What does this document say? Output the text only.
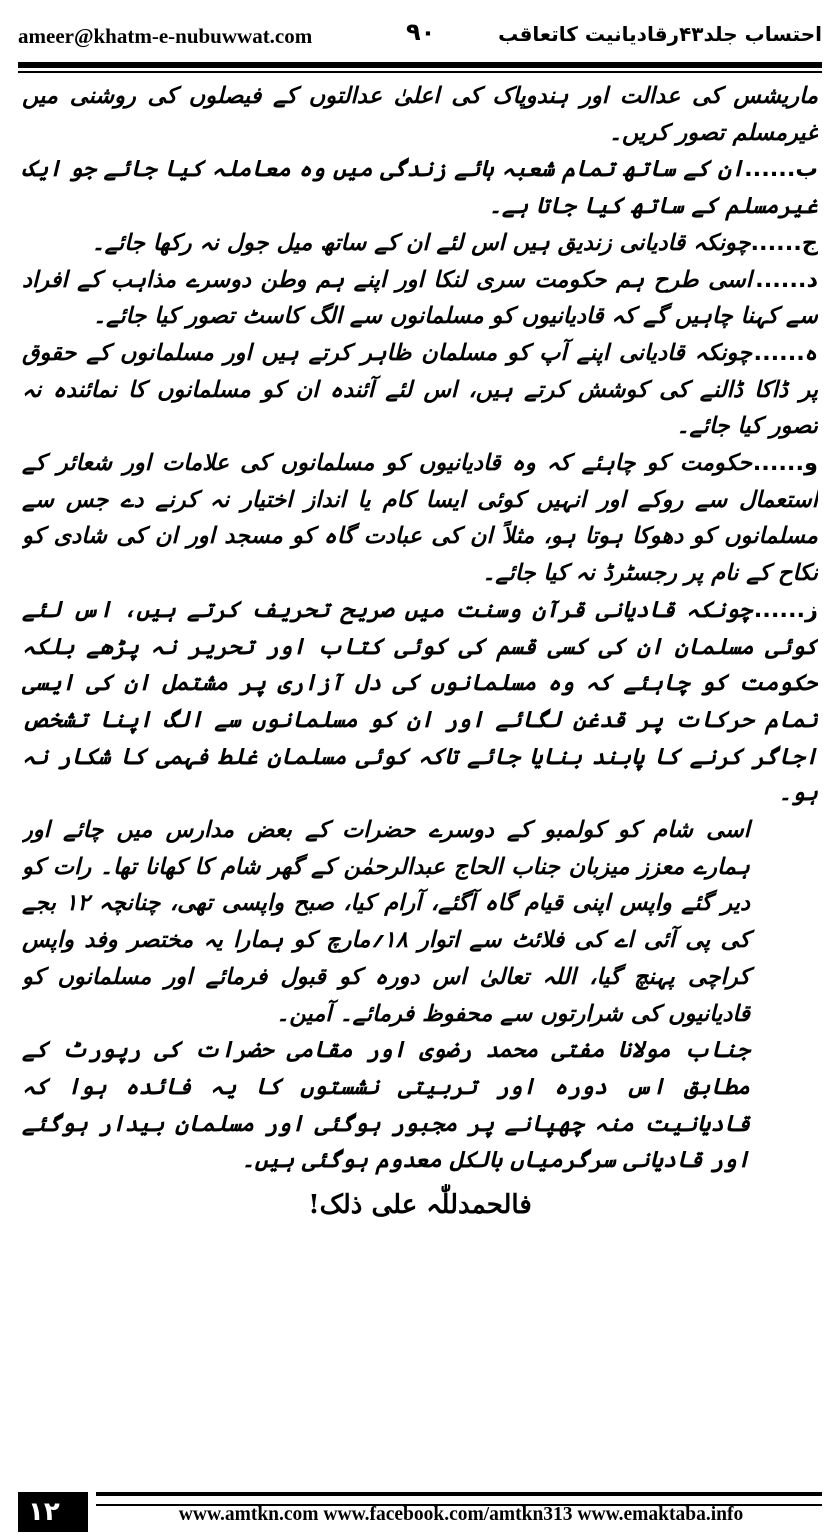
ameer@khatm-e-nubuwwat.com	۹۰	احتساب جلد۴۳رقادیانیت کاتعاقب

ماریشس کی عدالت اور ہندوپاک کی اعلیٰ عدالتوں کے فیصلوں کی روشنی میں غیرمسلم تصور کریں۔

ب......ان کے ساتھ تمام شعبہ ہائے زندگی میں وہ معاملہ کیا جائے جو ایک غیرمسلم کے ساتھ کیا جاتا ہے۔

ج......چونکہ قادیانی زندیق ہیں اس لئے ان کے ساتھ میل جول نہ رکھا جائے۔

د......اسی طرح ہم حکومت سری لنکا اور اپنے ہم وطن دوسرے مذاہب کے افراد سے کہنا چاہیں گے کہ قادیانیوں کو مسلمانوں سے الگ کاسٹ تصور کیا جائے۔

ہ......چونکہ قادیانی اپنے آپ کو مسلمان ظاہر کرتے ہیں اور مسلمانوں کے حقوق پر ڈاکا ڈالنے کی کوشش کرتے ہیں، اس لئے آئندہ ان کو مسلمانوں کا نمائندہ نہ تصور کیا جائے۔

و......حکومت کو چاہئے کہ وہ قادیانیوں کو مسلمانوں کی علامات اور شعائر کے استعمال سے روکے اور انہیں کوئی ایسا کام یا انداز اختیار نہ کرنے دے جس سے مسلمانوں کو دھوکا ہوتا ہو، مثلاً ان کی عبادت گاہ کو مسجد اور ان کی شادی کو نکاح کے نام پر رجسٹرڈ نہ کیا جائے۔

ز......چونکہ قادیانی قرآن وسنت میں صریح تحریف کرتے ہیں، اس لئے کوئی مسلمان ان کی کسی قسم کی کوئی کتاب اور تحریر نہ پڑھے بلکہ حکومت کو چاہئے کہ وہ مسلمانوں کی دل آزاری پر مشتمل ان کی ایسی تمام حرکات پر قدغن لگائے اور ان کو مسلمانوں سے الگ اپنا تشخص اجاگر کرنے کا پابند بنایا جائے تاکہ کوئی مسلمان غلط فہمی کا شکار نہ ہو۔

اسی شام کو کولمبو کے دوسرے حضرات کے بعض مدارس میں چائے اور ہمارے معزز میزبان جناب الحاج عبدالرحمٰن کے گھر شام کا کھانا تھا۔ رات کو دیر گئے واپس اپنی قیام گاہ آگئے، آرام کیا، صبح واپسی تھی، چنانچہ ۱۲ بجے کی پی آئی اے کی فلائٹ سے اتوار ۱۸؍مارچ کو ہمارا یہ مختصر وفد واپس کراچی پہنچ گیا، اللہ تعالیٰ اس دورہ کو قبول فرمائے اور مسلمانوں کو قادیانیوں کی شرارتوں سے محفوظ فرمائے۔ آمین۔

جناب مولانا مفتی محمد رضوی اور مقامی حضرات کی رپورٹ کے مطابق اس دورہ اور تربیتی نشستوں کا یہ فائدہ ہوا کہ قادیانیت منہ چھپانے پر مجبور ہوگئی اور مسلمان بیدار ہوگئے اور قادیانی سرگرمیاں بالکل معدوم ہوگئی ہیں۔

فالحمدللّٰہ علی ذلک!

۱۲	www.amtkn.com www.facebook.com/amtkn313 www.emaktaba.info
